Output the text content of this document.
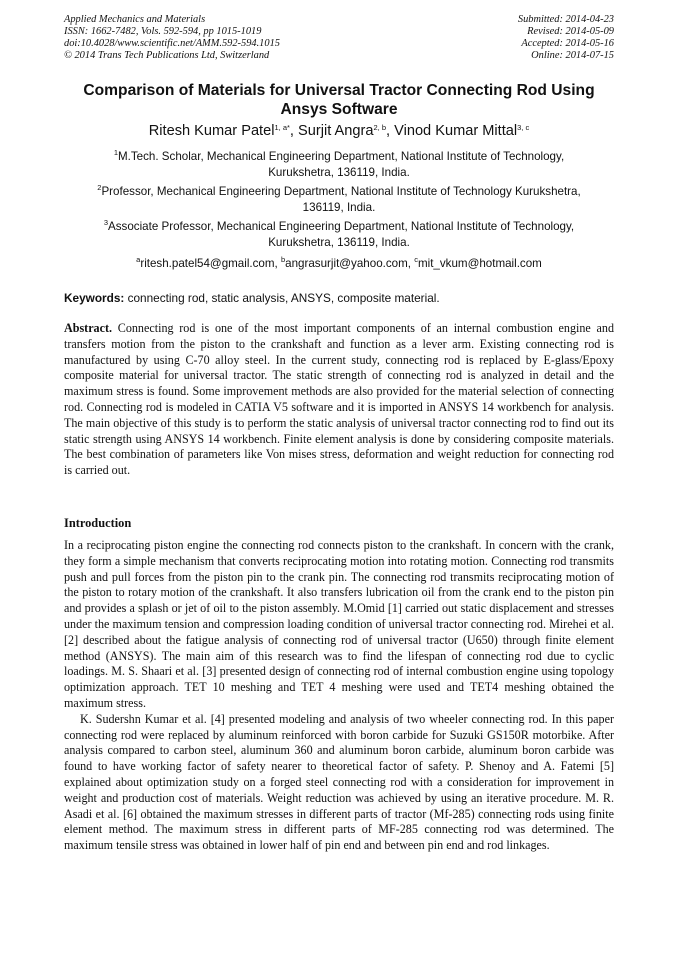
Applied Mechanics and Materials
ISSN: 1662-7482, Vols. 592-594, pp 1015-1019
doi:10.4028/www.scientific.net/AMM.592-594.1015
© 2014 Trans Tech Publications Ltd, Switzerland
Submitted: 2014-04-23
Revised: 2014-05-09
Accepted: 2014-05-16
Online: 2014-07-15
Comparison of Materials for Universal Tractor Connecting Rod Using
Ansys Software
Ritesh Kumar Patel$^{1, a*}$, Surjit Angra$^{2, b}$, Vinod Kumar Mittal$^{3, c}$
$^1$M.Tech. Scholar, Mechanical Engineering Department, National Institute of Technology,
Kurukshetra, 136119, India.
$^2$Professor, Mechanical Engineering Department, National Institute of Technology Kurukshetra,
136119, India.
$^3$Associate Professor, Mechanical Engineering Department, National Institute of Technology,
Kurukshetra, 136119, India.
$^a$ritesh.patel54@gmail.com, $^b$angrasurjit@yahoo.com, $^c$mit_vkum@hotmail.com
Keywords: connecting rod, static analysis, ANSYS, composite material.
Abstract. Connecting rod is one of the most important components of an internal combustion engine and transfers motion from the piston to the crankshaft and function as a lever arm. Existing connecting rod is manufactured by using C-70 alloy steel. In the current study, connecting rod is replaced by E-glass/Epoxy composite material for universal tractor. The static strength of connecting rod is analyzed in detail and the maximum stress is found. Some improvement methods are also provided for the material selection of connecting rod. Connecting rod is modeled in CATIA V5 software and it is imported in ANSYS 14 workbench for analysis. The main objective of this study is to perform the static analysis of universal tractor connecting rod to find out its static strength using ANSYS 14 workbench. Finite element analysis is done by considering composite materials. The best combination of parameters like Von mises stress, deformation and weight reduction for connecting rod is carried out.
Introduction

In a reciprocating piston engine the connecting rod connects piston to the crankshaft. In concern with the crank, they form a simple mechanism that converts reciprocating motion into rotating motion. Connecting rod transmits push and pull forces from the piston pin to the crank pin. The connecting rod transmits reciprocating motion of the piston to rotary motion of the crankshaft. It also transfers lubrication oil from the crank end to the piston pin and provides a splash or jet of oil to the piston assembly. M.Omid [1] carried out static displacement and stresses under the maximum tension and compression loading condition of universal tractor connecting rod. Mirehei et al. [2] described about the fatigue analysis of connecting rod of universal tractor (U650) through finite element method (ANSYS). The main aim of this research was to find the lifespan of connecting rod due to cyclic loadings. M. S. Shaari et al. [3] presented design of connecting rod of internal combustion engine using topology optimization approach. TET 10 meshing and TET 4 meshing were used and TET4 meshing obtained the maximum stress.

K. Sudershn Kumar et al. [4] presented modeling and analysis of two wheeler connecting rod. In this paper connecting rod were replaced by aluminum reinforced with boron carbide for Suzuki GS150R motorbike. After analysis compared to carbon steel, aluminum 360 and aluminum boron carbide, aluminum boron carbide was found to have working factor of safety nearer to theoretical factor of safety. P. Shenoy and A. Fatemi [5] explained about optimization study on a forged steel connecting rod with a consideration for improvement in weight and production cost of materials. Weight reduction was achieved by using an iterative procedure. M. R. Asadi et al. [6] obtained the maximum stresses in different parts of tractor (Mf-285) connecting rods using finite element method. The maximum stress in different parts of MF-285 connecting rod was determined. The maximum tensile stress was obtained in lower half of pin end and between pin end and rod linkages.
